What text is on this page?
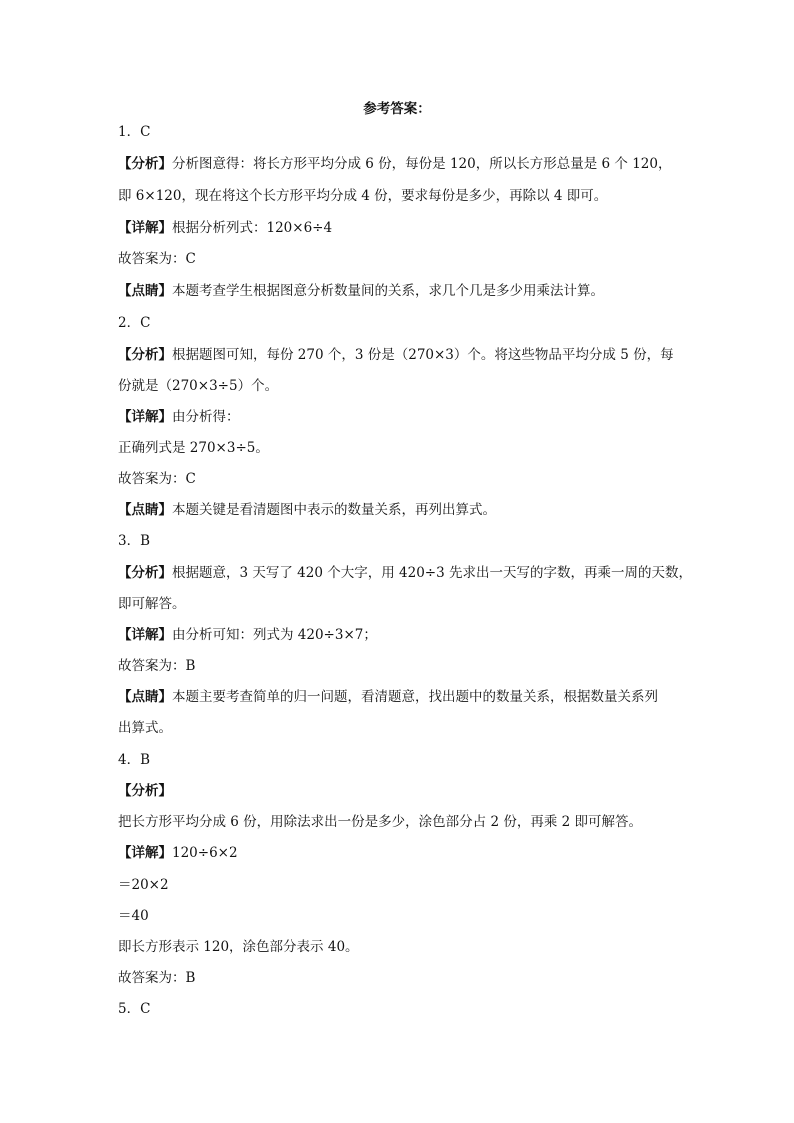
参考答案：
1．C
【分析】分析图意得：将长方形平均分成 6 份，每份是 120，所以长方形总量是 6 个 120，
即 6×120，现在将这个长方形平均分成 4 份，要求每份是多少，再除以 4 即可。
【详解】根据分析列式：120×6÷4
故答案为：C
【点睛】本题考查学生根据图意分析数量间的关系，求几个几是多少用乘法计算。
2．C
【分析】根据题图可知，每份 270 个，3 份是（270×3）个。将这些物品平均分成 5 份，每
份就是（270×3÷5）个。
【详解】由分析得：
正确列式是 270×3÷5。
故答案为：C
【点睛】本题关键是看清题图中表示的数量关系，再列出算式。
3．B
【分析】根据题意，3 天写了 420 个大字，用 420÷3 先求出一天写的字数，再乘一周的天数，
即可解答。
【详解】由分析可知：列式为 420÷3×7；
故答案为：B
【点睛】本题主要考查简单的归一问题，看清题意，找出题中的数量关系，根据数量关系列
出算式。
4．B
【分析】
把长方形平均分成 6 份，用除法求出一份是多少，涂色部分占 2 份，再乘 2 即可解答。
【详解】120÷6×2
＝20×2
＝40
即长方形表示 120，涂色部分表示 40。
故答案为：B
5．C
